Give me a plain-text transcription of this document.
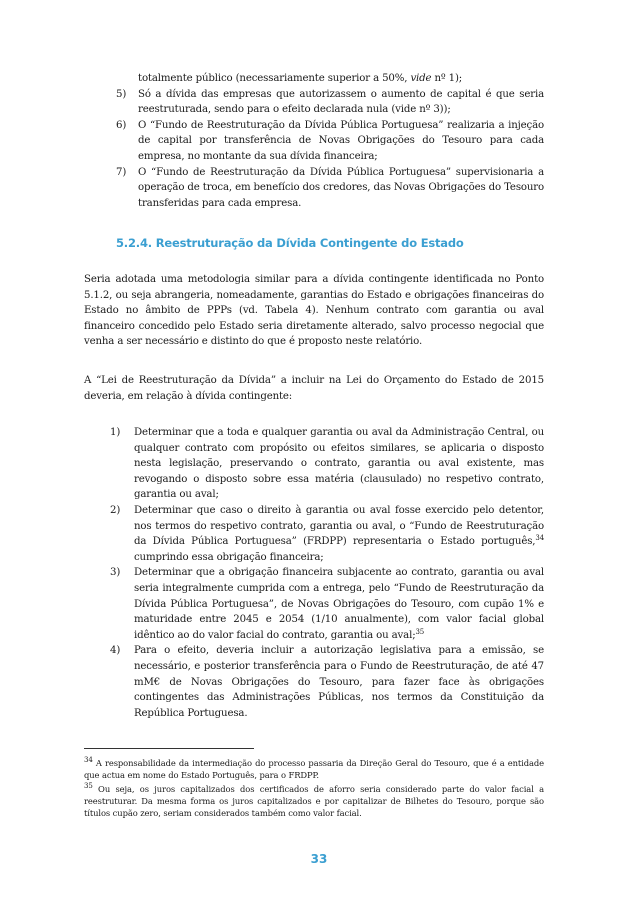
totalmente público (necessariamente superior a 50%, vide nº 1);
5) Só a dívida das empresas que autorizassem o aumento de capital é que seria reestruturada, sendo para o efeito declarada nula (vide nº 3));
6) O “Fundo de Reestruturação da Dívida Pública Portuguesa” realizaria a injeção de capital por transferência de Novas Obrigações do Tesouro para cada empresa, no montante da sua dívida financeira;
7) O “Fundo de Reestruturação da Dívida Pública Portuguesa” supervisionaria a operação de troca, em benefício dos credores, das Novas Obrigações do Tesouro transferidas para cada empresa.
5.2.4. Reestruturação da Dívida Contingente do Estado
Seria adotada uma metodologia similar para a dívida contingente identificada no Ponto 5.1.2, ou seja abrangeria, nomeadamente, garantias do Estado e obrigações financeiras do Estado no âmbito de PPPs (vd. Tabela 4). Nenhum contrato com garantia ou aval financeiro concedido pelo Estado seria diretamente alterado, salvo processo negocial que venha a ser necessário e distinto do que é proposto neste relatório.
A “Lei de Reestruturação da Dívida” a incluir na Lei do Orçamento do Estado de 2015 deveria, em relação à dívida contingente:
1) Determinar que a toda e qualquer garantia ou aval da Administração Central, ou qualquer contrato com propósito ou efeitos similares, se aplicaria o disposto nesta legislação, preservando o contrato, garantia ou aval existente, mas revogando o disposto sobre essa matéria (clausulado) no respetivo contrato, garantia ou aval;
2) Determinar que caso o direito à garantia ou aval fosse exercido pelo detentor, nos termos do respetivo contrato, garantia ou aval, o “Fundo de Reestruturação da Dívida Pública Portuguesa” (FRDPP) representaria o Estado português,$^{34}$ cumprindo essa obrigação financeira;
3) Determinar que a obrigação financeira subjacente ao contrato, garantia ou aval seria integralmente cumprida com a entrega, pelo “Fundo de Reestruturação da Dívida Pública Portuguesa”, de Novas Obrigações do Tesouro, com cupão 1% e maturidade entre 2045 e 2054 (1/10 anualmente), com valor facial global idêntico ao do valor facial do contrato, garantia ou aval;$^{35}$
4) Para o efeito, deveria incluir a autorização legislativa para a emissão, se necessário, e posterior transferência para o Fundo de Reestruturação, de até 47 mM€ de Novas Obrigações do Tesouro, para fazer face às obrigações contingentes das Administrações Públicas, nos termos da Constituição da República Portuguesa.
$^{34}$ A responsabilidade da intermediação do processo passaria da Direção Geral do Tesouro, que é a entidade que actua em nome do Estado Português, para o FRDPP.
$^{35}$ Ou seja, os juros capitalizados dos certificados de aforro seria considerado parte do valor facial a reestruturar. Da mesma forma os juros capitalizados e por capitalizar de Bilhetes do Tesouro, porque são títulos cupão zero, seriam considerados também como valor facial.
33
